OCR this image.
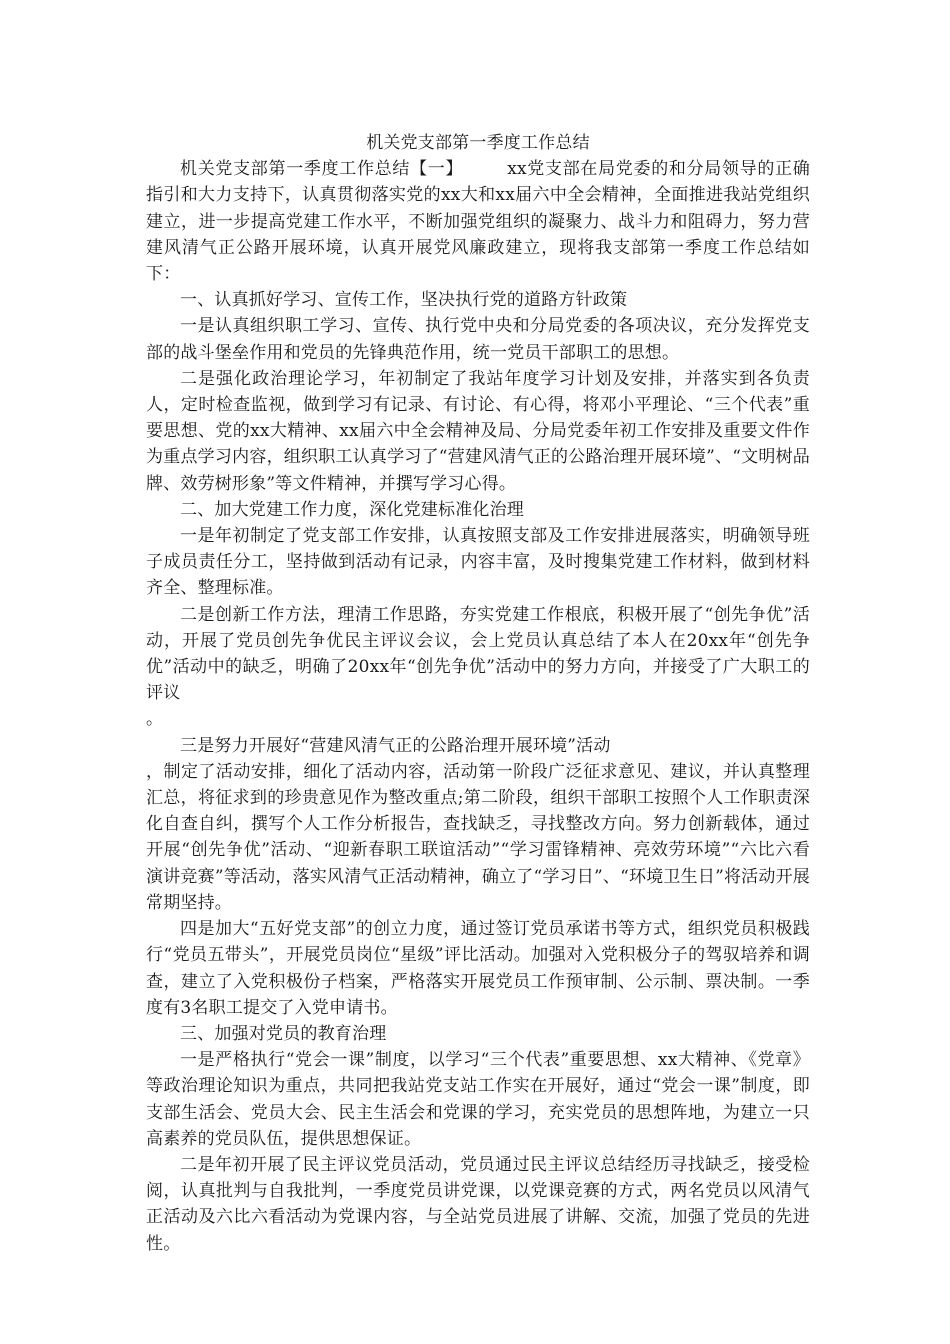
机关党支部第一季度工作总结

机关党支部第一季度工作总结【一】	xx党支部在局党委的和分局领导的正确指引和大力支持下，认真贯彻落实党的xx大和xx届六中全会精神，全面推进我站党组织建立，进一步提高党建工作水平，不断加强党组织的凝聚力、战斗力和阻碍力，努力营建风清气正公路开展环境，认真开展党风廉政建立，现将我支部第一季度工作总结如下：

一、认真抓好学习、宣传工作，坚决执行党的道路方针政策

一是认真组织职工学习、宣传、执行党中央和分局党委的各项决议，充分发挥党支部的战斗堡垒作用和党员的先锋典范作用，统一党员干部职工的思想。

二是强化政治理论学习，年初制定了我站年度学习计划及安排，并落实到各负责人，定时检查监视，做到学习有记录、有讨论、有心得，将邓小平理论、“三个代表”重要思想、党的xx大精神、xx届六中全会精神及局、分局党委年初工作安排及重要文件作为重点学习内容，组织职工认真学习了“营建风清气正的公路治理开展环境”、“文明树品牌、效劳树形象”等文件精神，并撰写学习心得。

二、加大党建工作力度，深化党建标准化治理

一是年初制定了党支部工作安排，认真按照支部及工作安排进展落实，明确领导班子成员责任分工，坚持做到活动有记录，内容丰富，及时搜集党建工作材料，做到材料齐全、整理标准。

二是创新工作方法，理清工作思路，夯实党建工作根底，积极开展了“创先争优”活动，开展了党员创先争优民主评议会议，会上党员认真总结了本人在20xx年“创先争优”活动中的缺乏，明确了20xx年“创先争优”活动中的努力方向，并接受了广大职工的评议

。

三是努力开展好“营建风清气正的公路治理开展环境”活动

，制定了活动安排，细化了活动内容，活动第一阶段广泛征求意见、建议，并认真整理汇总，将征求到的珍贵意见作为整改重点;第二阶段，组织干部职工按照个人工作职责深化自查自纠，撰写个人工作分析报告，查找缺乏，寻找整改方向。努力创新载体，通过开展“创先争优”活动、“迎新春职工联谊活动”“学习雷锋精神、亮效劳环境”“六比六看演讲竞赛”等活动，落实风清气正活动精神，确立了“学习日”、“环境卫生日”将活动开展常期坚持。

四是加大“五好党支部”的创立力度，通过签订党员承诺书等方式，组织党员积极践行“党员五带头”，开展党员岗位“星级”评比活动。加强对入党积极分子的驾驭培养和调查，建立了入党积极份子档案，严格落实开展党员工作预审制、公示制、票决制。一季度有3名职工提交了入党申请书。

三、加强对党员的教育治理

一是严格执行“党会一课”制度，以学习“三个代表”重要思想、xx大精神、《党章》等政治理论知识为重点，共同把我站党支站工作实在开展好，通过“党会一课”制度，即支部生活会、党员大会、民主生活会和党课的学习，充实党员的思想阵地，为建立一只高素养的党员队伍，提供思想保证。

二是年初开展了民主评议党员活动，党员通过民主评议总结经历寻找缺乏，接受检阅，认真批判与自我批判，一季度党员讲党课，以党课竞赛的方式，两名党员以风清气正活动及六比六看活动为党课内容，与全站党员进展了讲解、交流，加强了党员的先进性。
